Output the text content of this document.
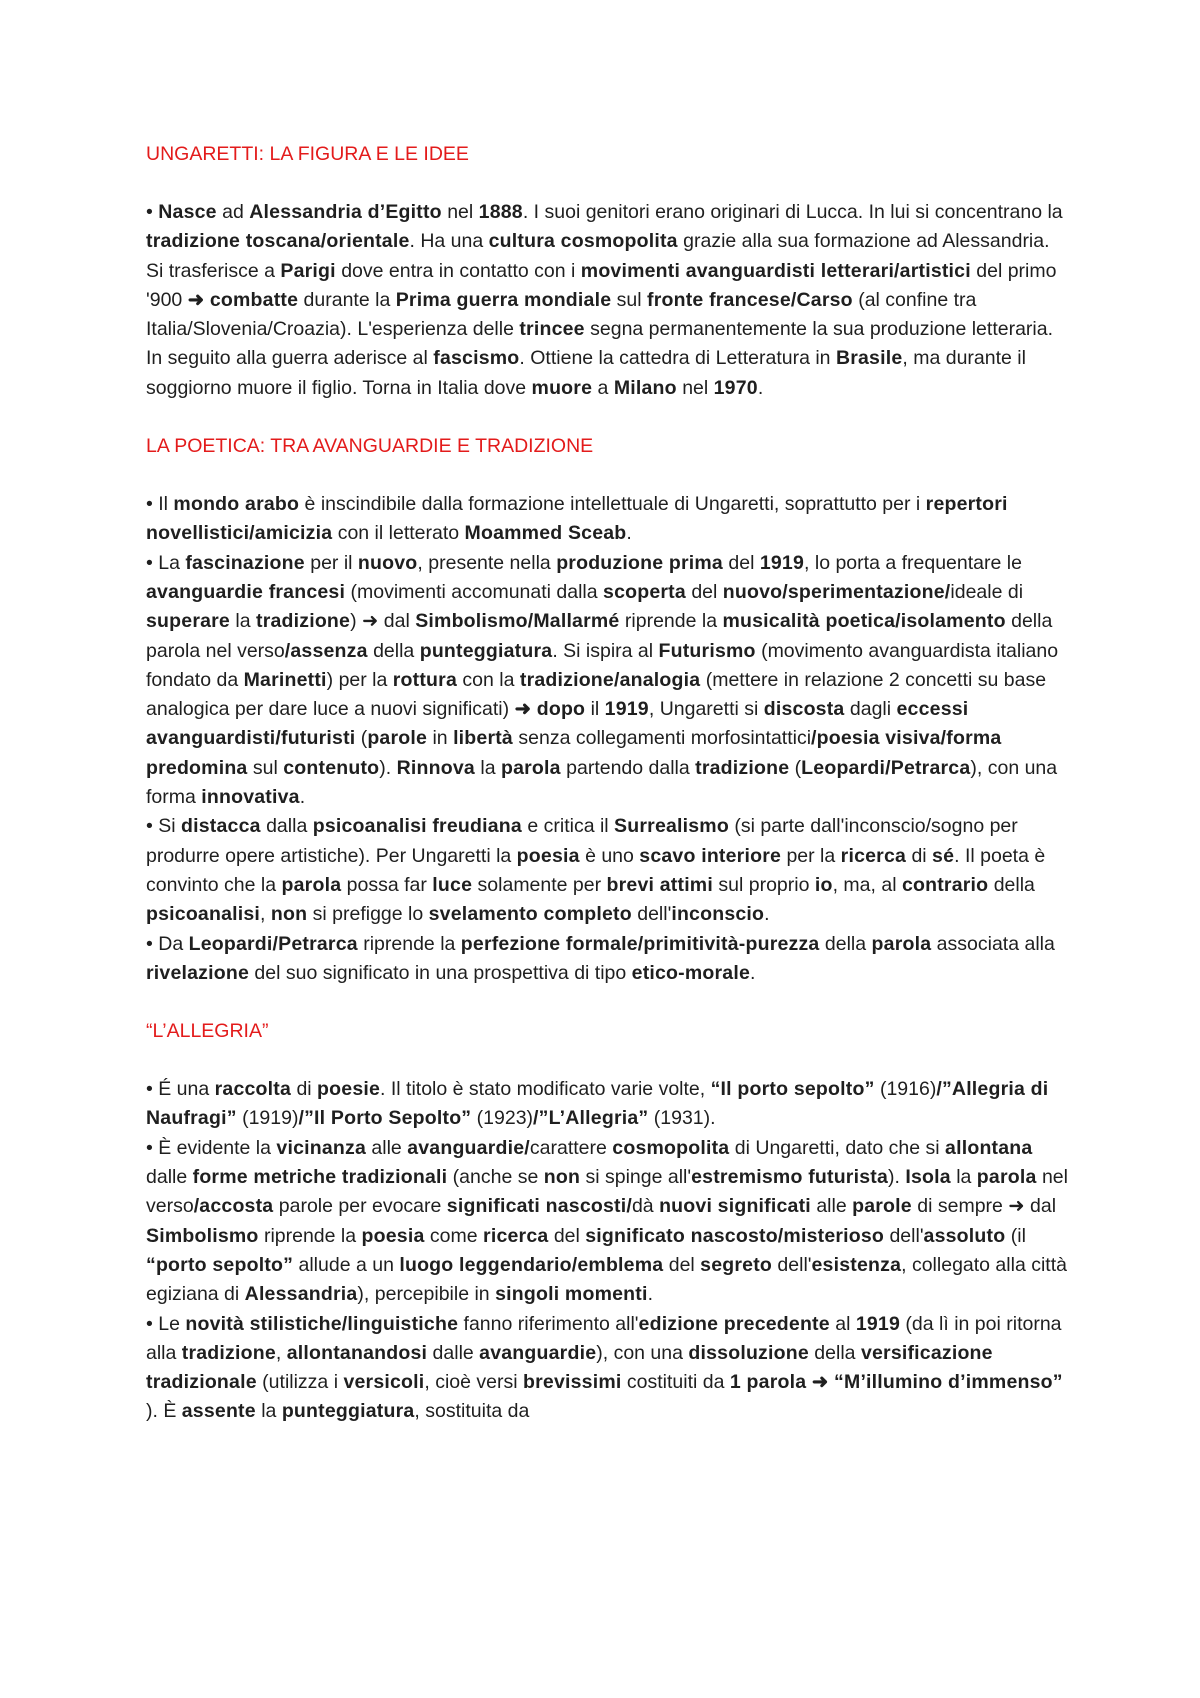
UNGARETTI: LA FIGURA E LE IDEE

• Nasce ad Alessandria d’Egitto nel 1888. I suoi genitori erano originari di Lucca. In lui si concentrano la tradizione toscana/orientale. Ha una cultura cosmopolita grazie alla sua formazione ad Alessandria. Si trasferisce a Parigi dove entra in contatto con i movimenti avanguardisti letterari/artistici del primo '900 ➜ combatte durante la Prima guerra mondiale sul fronte francese/Carso (al confine tra Italia/Slovenia/Croazia). L'esperienza delle trincee segna permanentemente la sua produzione letteraria. In seguito alla guerra aderisce al fascismo. Ottiene la cattedra di Letteratura in Brasile, ma durante il soggiorno muore il figlio. Torna in Italia dove muore a Milano nel 1970.

LA POETICA: TRA AVANGUARDIE E TRADIZIONE

• Il mondo arabo è inscindibile dalla formazione intellettuale di Ungaretti, soprattutto per i repertori novellistici/amicizia con il letterato Moammed Sceab.

• La fascinazione per il nuovo, presente nella produzione prima del 1919, lo porta a frequentare le avanguardie francesi (movimenti accomunati dalla scoperta del nuovo/sperimentazione/ideale di superare la tradizione) ➜ dal Simbolismo/Mallarmé riprende la musicalità poetica/isolamento della parola nel verso/assenza della punteggiatura. Si ispira al Futurismo (movimento avanguardista italiano fondato da Marinetti) per la rottura con la tradizione/analogia (mettere in relazione 2 concetti su base analogica per dare luce a nuovi significati) ➜ dopo il 1919, Ungaretti si discosta dagli eccessi avanguardisti/futuristi (parole in libertà senza collegamenti morfosintattici/poesia visiva/forma predomina sul contenuto). Rinnova la parola partendo dalla tradizione (Leopardi/Petrarca), con una forma innovativa.

• Si distacca dalla psicoanalisi freudiana e critica il Surrealismo (si parte dall'inconscio/sogno per produrre opere artistiche). Per Ungaretti la poesia è uno scavo interiore per la ricerca di sé. Il poeta è convinto che la parola possa far luce solamente per brevi attimi sul proprio io, ma, al contrario della psicoanalisi, non si prefigge lo svelamento completo dell'inconscio.

• Da Leopardi/Petrarca riprende la perfezione formale/primitività-purezza della parola associata alla rivelazione del suo significato in una prospettiva di tipo etico-morale.

“L’ALLEGRIA”

• É una raccolta di poesie. Il titolo è stato modificato varie volte, “Il porto sepolto” (1916)/”Allegria di Naufragi” (1919)/”Il Porto Sepolto” (1923)/”L’Allegria” (1931).

• È evidente la vicinanza alle avanguardie/carattere cosmopolita di Ungaretti, dato che si allontana dalle forme metriche tradizionali (anche se non si spinge all'estremismo futurista). Isola la parola nel verso/accosta parole per evocare significati nascosti/dà nuovi significati alle parole di sempre ➜ dal Simbolismo riprende la poesia come ricerca del significato nascosto/misterioso dell'assoluto (il “porto sepolto” allude a un luogo leggendario/emblema del segreto dell'esistenza, collegato alla città egiziana di Alessandria), percepibile in singoli momenti.

• Le novità stilistiche/linguistiche fanno riferimento all'edizione precedente al 1919 (da lì in poi ritorna alla tradizione, allontanandosi dalle avanguardie), con una dissoluzione della versificazione tradizionale (utilizza i versicoli, cioè versi brevissimi costituiti da 1 parola ➜ “M’illumino d’immenso” ). È assente la punteggiatura, sostituita da
